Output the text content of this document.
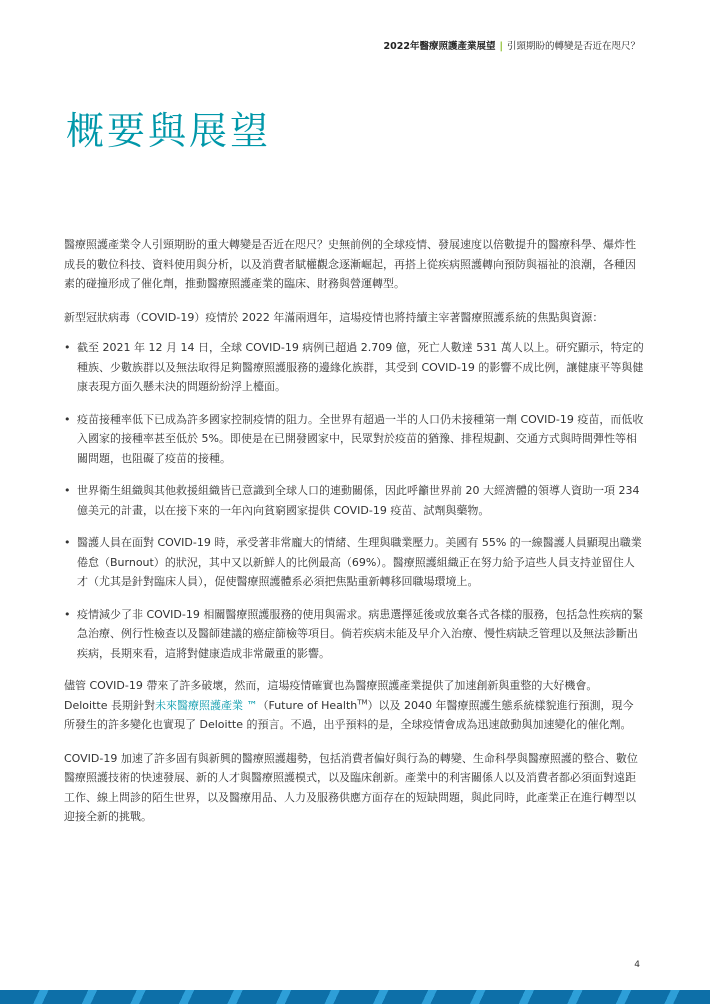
2022年醫療照護產業展望 | 引頸期盼的轉變是否近在咫尺？
概要與展望

醫療照護產業令人引頸期盼的重大轉變是否近在咫尺？史無前例的全球疫情、發展速度以倍數提升的醫療科學、爆炸性成長的數位科技、資料使用與分析，以及消費者賦權觀念逐漸崛起，再搭上從疾病照護轉向預防與福祉的浪潮，各種因素的碰撞形成了催化劑，推動醫療照護產業的臨床、財務與營運轉型。

新型冠狀病毒（COVID-19）疫情於 2022 年滿兩週年，這場疫情也將持續主宰著醫療照護系統的焦點與資源：

• 截至 2021 年 12 月 14 日，全球 COVID-19 病例已超過 2.709 億，死亡人數達 531 萬人以上。研究顯示，特定的種族、少數族群以及無法取得足夠醫療照護服務的邊緣化族群，其受到 COVID-19 的影響不成比例，讓健康平等與健康表現方面久懸未決的問題紛紛浮上檯面。
• 疫苗接種率低下已成為許多國家控制疫情的阻力。全世界有超過一半的人口仍未接種第一劑 COVID-19 疫苗，而低收入國家的接種率甚至低於 5%。即使是在已開發國家中，民眾對於疫苗的猶豫、排程規劃、交通方式與時間彈性等相關問題，也阻礙了疫苗的接種。
• 世界衛生組織與其他救援組織皆已意識到全球人口的連動關係，因此呼籲世界前 20 大經濟體的領導人資助一項 234 億美元的計畫，以在接下來的一年內向貧窮國家提供 COVID-19 疫苗、試劑與藥物。
• 醫護人員在面對 COVID-19 時，承受著非常龐大的情緒、生理與職業壓力。美國有 55% 的一線醫護人員顯現出職業倦怠（Burnout）的狀況，其中又以新鮮人的比例最高（69%）。醫療照護組織正在努力給予這些人員支持並留住人才（尤其是針對臨床人員），促使醫療照護體系必須把焦點重新轉移回職場環境上。
• 疫情減少了非 COVID-19 相關醫療照護服務的使用與需求。病患選擇延後或放棄各式各樣的服務，包括急性疾病的緊急治療、例行性檢查以及醫師建議的癌症篩檢等項目。倘若疾病未能及早介入治療、慢性病缺乏管理以及無法診斷出疾病，長期來看，這將對健康造成非常嚴重的影響。

儘管 COVID-19 帶來了許多破壞，然而，這場疫情確實也為醫療照護產業提供了加速創新與重整的大好機會。
Deloitte 長期針對未來醫療照護產業 ™（Future of Health™）以及 2040 年醫療照護生態系統樣貌進行預測，現今所發生的許多變化也實現了 Deloitte 的預言。不過，出乎預料的是，全球疫情會成為迅速啟動與加速變化的催化劑。

COVID-19 加速了許多固有與新興的醫療照護趨勢，包括消費者偏好與行為的轉變、生命科學與醫療照護的整合、數位醫療照護技術的快速發展、新的人才與醫療照護模式，以及臨床創新。產業中的利害關係人以及消費者都必須面對遠距工作、線上問診的陌生世界，以及醫療用品、人力及服務供應方面存在的短缺問題，與此同時，此產業正在進行轉型以迎接全新的挑戰。

4
